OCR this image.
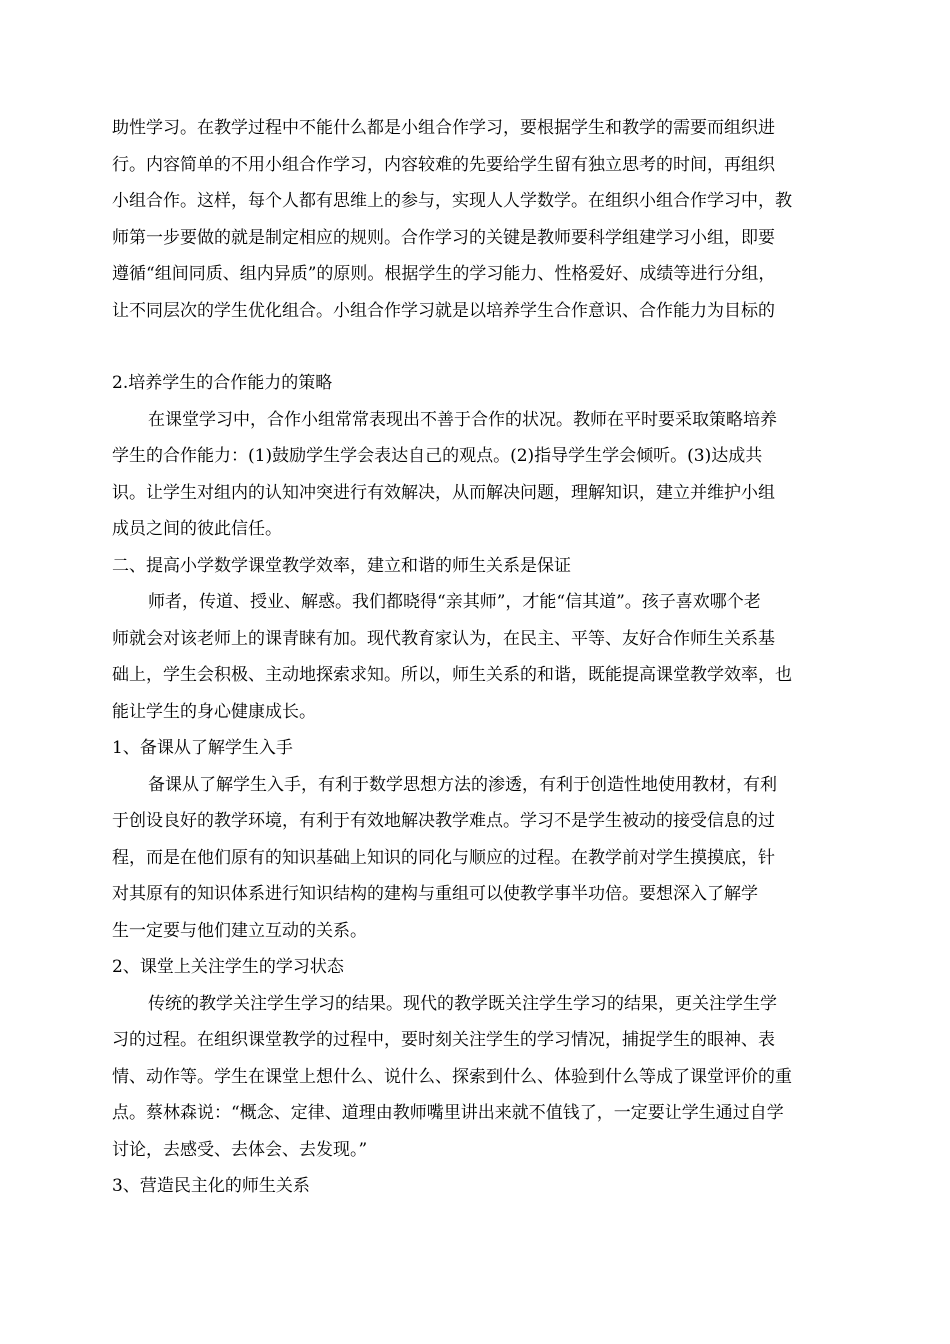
助性学习。在教学过程中不能什么都是小组合作学习，要根据学生和教学的需要而组织进
行。内容简单的不用小组合作学习，内容较难的先要给学生留有独立思考的时间，再组织
小组合作。这样，每个人都有思维上的参与，实现人人学数学。在组织小组合作学习中，教
师第一步要做的就是制定相应的规则。合作学习的关键是教师要科学组建学习小组，即要
遵循“组间同质、组内异质”的原则。根据学生的学习能力、性格爱好、成绩等进行分组，
让不同层次的学生优化组合。小组合作学习就是以培养学生合作意识、合作能力为目标的

2.培养学生的合作能力的策略

在课堂学习中，合作小组常常表现出不善于合作的状况。教师在平时要采取策略培养
学生的合作能力：(1)鼓励学生学会表达自己的观点。(2)指导学生学会倾听。(3)达成共
识。让学生对组内的认知冲突进行有效解决，从而解决问题，理解知识，建立并维护小组
成员之间的彼此信任。

二、提高小学数学课堂教学效率，建立和谐的师生关系是保证

师者，传道、授业、解惑。我们都晓得“亲其师”，才能“信其道”。孩子喜欢哪个老
师就会对该老师上的课青睐有加。现代教育家认为，在民主、平等、友好合作师生关系基
础上，学生会积极、主动地探索求知。所以，师生关系的和谐，既能提高课堂教学效率，也
能让学生的身心健康成长。

1、备课从了解学生入手

备课从了解学生入手，有利于数学思想方法的渗透，有利于创造性地使用教材，有利
于创设良好的教学环境，有利于有效地解决教学难点。学习不是学生被动的接受信息的过
程，而是在他们原有的知识基础上知识的同化与顺应的过程。在教学前对学生摸摸底，针
对其原有的知识体系进行知识结构的建构与重组可以使教学事半功倍。要想深入了解学
生一定要与他们建立互动的关系。

2、课堂上关注学生的学习状态

传统的教学关注学生学习的结果。现代的教学既关注学生学习的结果，更关注学生学
习的过程。在组织课堂教学的过程中，要时刻关注学生的学习情况，捕捉学生的眼神、表
情、动作等。学生在课堂上想什么、说什么、探索到什么、体验到什么等成了课堂评价的重
点。蔡林森说：“概念、定律、道理由教师嘴里讲出来就不值钱了，一定要让学生通过自学
讨论，去感受、去体会、去发现。”

3、营造民主化的师生关系
